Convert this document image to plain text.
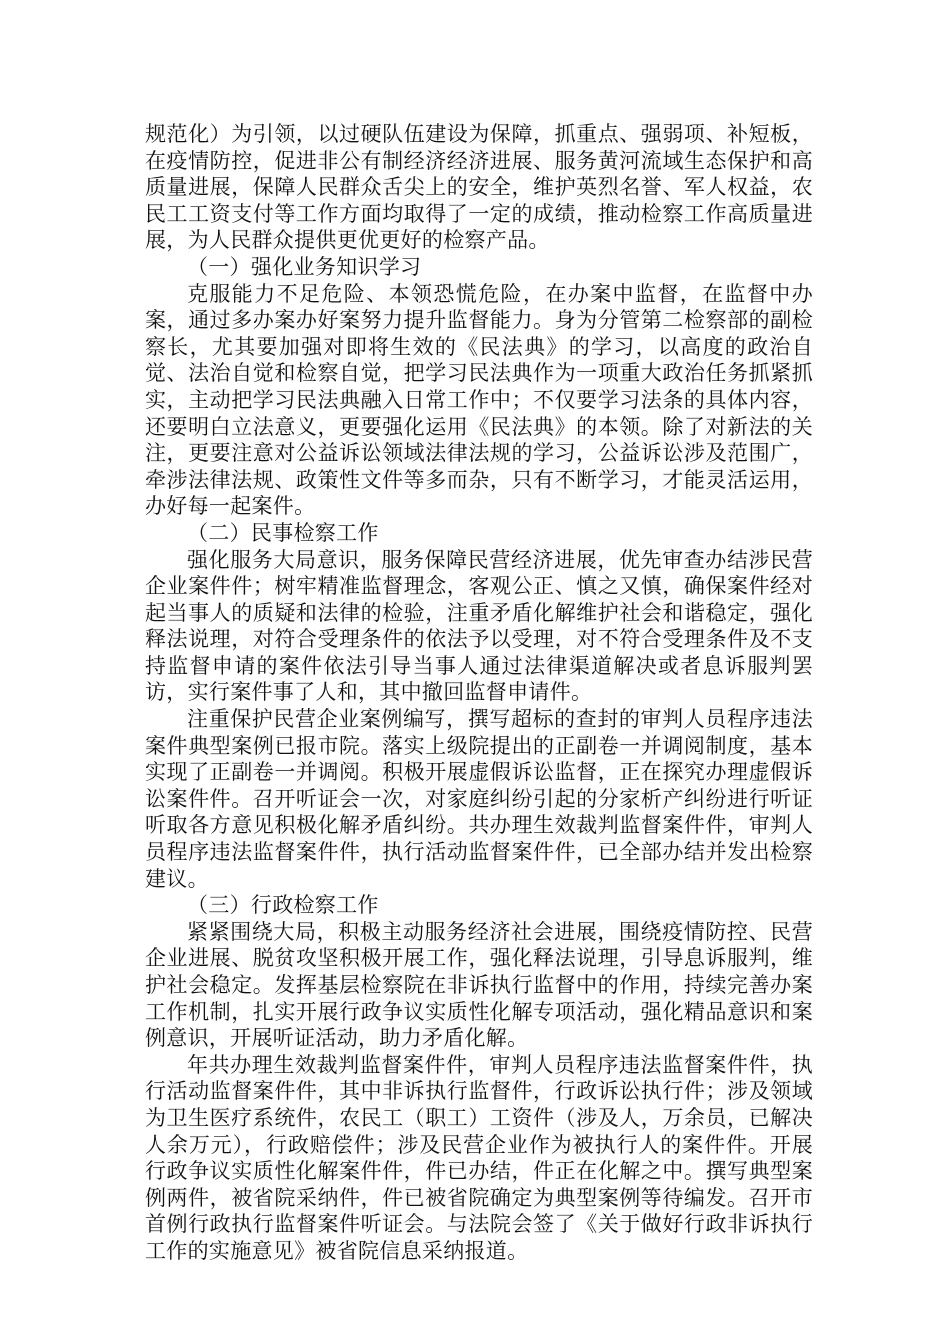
规范化）为引领，以过硬队伍建设为保障，抓重点、强弱项、补短板，在疫情防控，促进非公有制经济经济进展、服务黄河流域生态保护和高质量进展，保障人民群众舌尖上的安全，维护英烈名誉、军人权益，农民工工资支付等工作方面均取得了一定的成绩，推动检察工作高质量进展，为人民群众提供更优更好的检察产品。

（一）强化业务知识学习

克服能力不足危险、本领恐慌危险，在办案中监督，在监督中办案，通过多办案办好案努力提升监督能力。身为分管第二检察部的副检察长，尤其要加强对即将生效的《民法典》的学习，以高度的政治自觉、法治自觉和检察自觉，把学习民法典作为一项重大政治任务抓紧抓实，主动把学习民法典融入日常工作中；不仅要学习法条的具体内容，还要明白立法意义，更要强化运用《民法典》的本领。除了对新法的关注，更要注意对公益诉讼领域法律法规的学习，公益诉讼涉及范围广，牵涉法律法规、政策性文件等多而杂，只有不断学习，才能灵活运用，办好每一起案件。

（二）民事检察工作

强化服务大局意识，服务保障民营经济进展，优先审查办结涉民营企业案件件；树牢精准监督理念，客观公正、慎之又慎，确保案件经对起当事人的质疑和法律的检验，注重矛盾化解维护社会和谐稳定，强化释法说理，对符合受理条件的依法予以受理，对不符合受理条件及不支持监督申请的案件依法引导当事人通过法律渠道解决或者息诉服判罢访，实行案件事了人和，其中撤回监督申请件。

注重保护民营企业案例编写，撰写超标的查封的审判人员程序违法案件典型案例已报市院。落实上级院提出的正副卷一并调阅制度，基本实现了正副卷一并调阅。积极开展虚假诉讼监督，正在探究办理虚假诉讼案件件。召开听证会一次，对家庭纠纷引起的分家析产纠纷进行听证听取各方意见积极化解矛盾纠纷。共办理生效裁判监督案件件，审判人员程序违法监督案件件，执行活动监督案件件，已全部办结并发出检察建议。

（三）行政检察工作

紧紧围绕大局，积极主动服务经济社会进展，围绕疫情防控、民营企业进展、脱贫攻坚积极开展工作，强化释法说理，引导息诉服判，维护社会稳定。发挥基层检察院在非诉执行监督中的作用，持续完善办案工作机制，扎实开展行政争议实质性化解专项活动，强化精品意识和案例意识，开展听证活动，助力矛盾化解。

年共办理生效裁判监督案件件，审判人员程序违法监督案件件，执行活动监督案件件，其中非诉执行监督件，行政诉讼执行件；涉及领域为卫生医疗系统件，农民工（职工）工资件（涉及人，万余员，已解决人余万元），行政赔偿件；涉及民营企业作为被执行人的案件件。开展行政争议实质性化解案件件，件已办结，件正在化解之中。撰写典型案例两件，被省院采纳件，件已被省院确定为典型案例等待编发。召开市首例行政执行监督案件听证会。与法院会签了《关于做好行政非诉执行工作的实施意见》被省院信息采纳报道。
